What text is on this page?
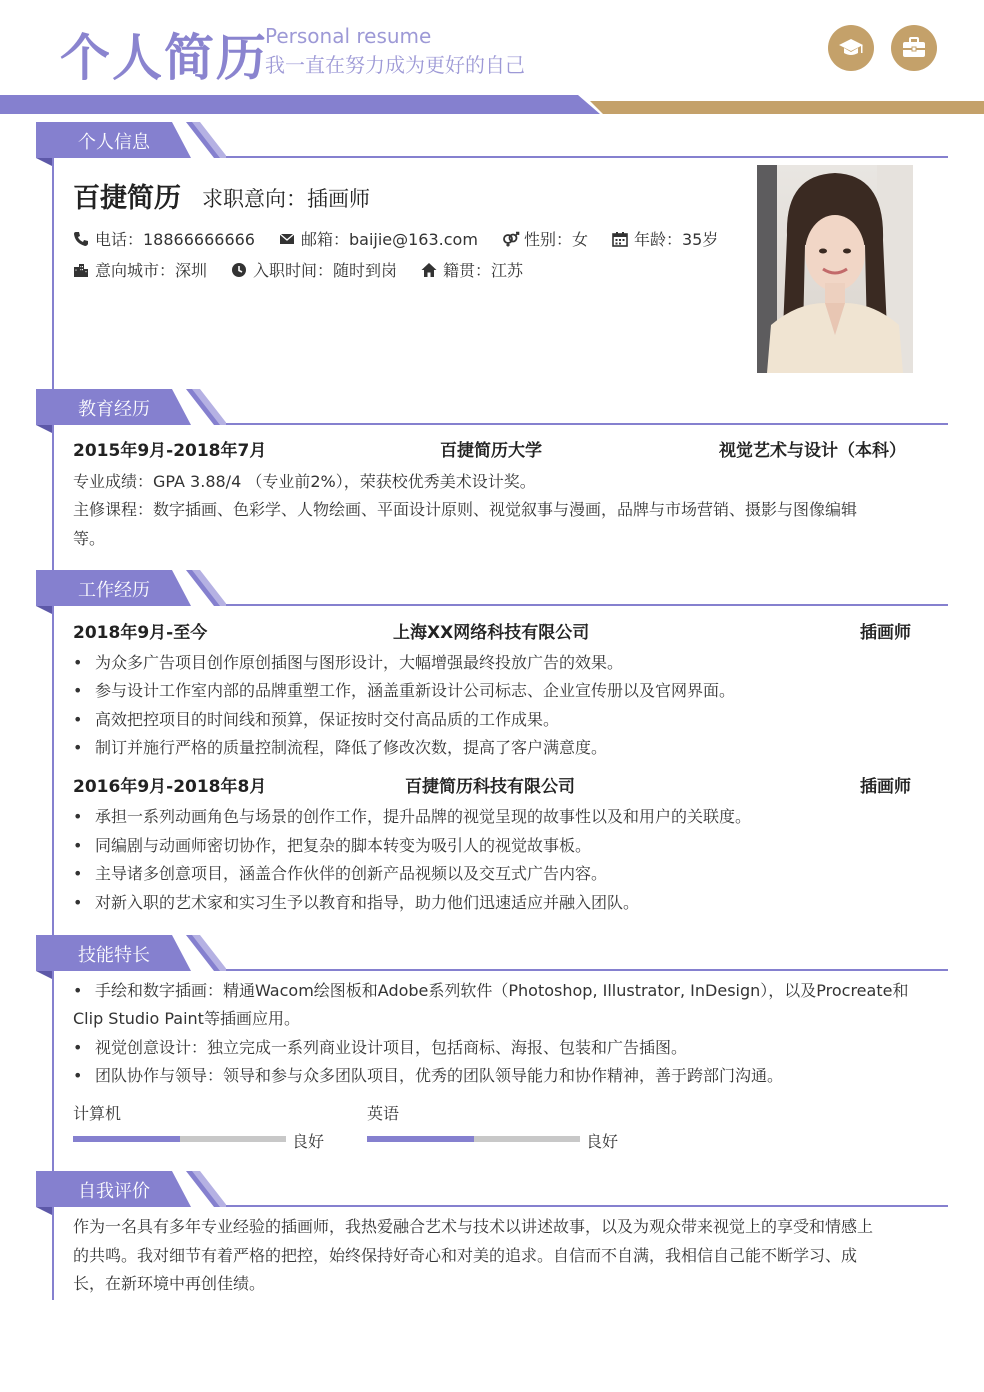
个人简历
Personal resume
我一直在努力成为更好的自己
个人信息
百捷简历 求职意向：插画师
电话：18866666666	邮箱：baijie@163.com	性别：女	年龄：35岁
意向城市：深圳	入职时间：随时到岗	籍贯：江苏
教育经历
2015年9月-2018年7月	百捷简历大学	视觉艺术与设计（本科）
专业成绩：GPA 3.88/4 （专业前2%），荣获校优秀美术设计奖。
主修课程：数字插画、色彩学、人物绘画、平面设计原则、视觉叙事与漫画，品牌与市场营销、摄影与图像编辑
等。
工作经历
2018年9月-至今	上海XX网络科技有限公司	插画师
• 为众多广告项目创作原创插图与图形设计，大幅增强最终投放广告的效果。
• 参与设计工作室内部的品牌重塑工作，涵盖重新设计公司标志、企业宣传册以及官网界面。
• 高效把控项目的时间线和预算，保证按时交付高品质的工作成果。
• 制订并施行严格的质量控制流程，降低了修改次数，提高了客户满意度。
2016年9月-2018年8月	百捷简历科技有限公司	插画师
• 承担一系列动画角色与场景的创作工作，提升品牌的视觉呈现的故事性以及和用户的关联度。
• 同编剧与动画师密切协作，把复杂的脚本转变为吸引人的视觉故事板。
• 主导诸多创意项目，涵盖合作伙伴的创新产品视频以及交互式广告内容。
• 对新入职的艺术家和实习生予以教育和指导，助力他们迅速适应并融入团队。
技能特长
• 手绘和数字插画：精通Wacom绘图板和Adobe系列软件（Photoshop, Illustrator, InDesign），以及Procreate和
Clip Studio Paint等插画应用。
• 视觉创意设计：独立完成一系列商业设计项目，包括商标、海报、包装和广告插图。
• 团队协作与领导：领导和参与众多团队项目，优秀的团队领导能力和协作精神，善于跨部门沟通。
计算机
良好
英语
良好
自我评价
作为一名具有多年专业经验的插画师，我热爱融合艺术与技术以讲述故事，以及为观众带来视觉上的享受和情感上
的共鸣。我对细节有着严格的把控，始终保持好奇心和对美的追求。自信而不自满，我相信自己能不断学习、成
长，在新环境中再创佳绩。
